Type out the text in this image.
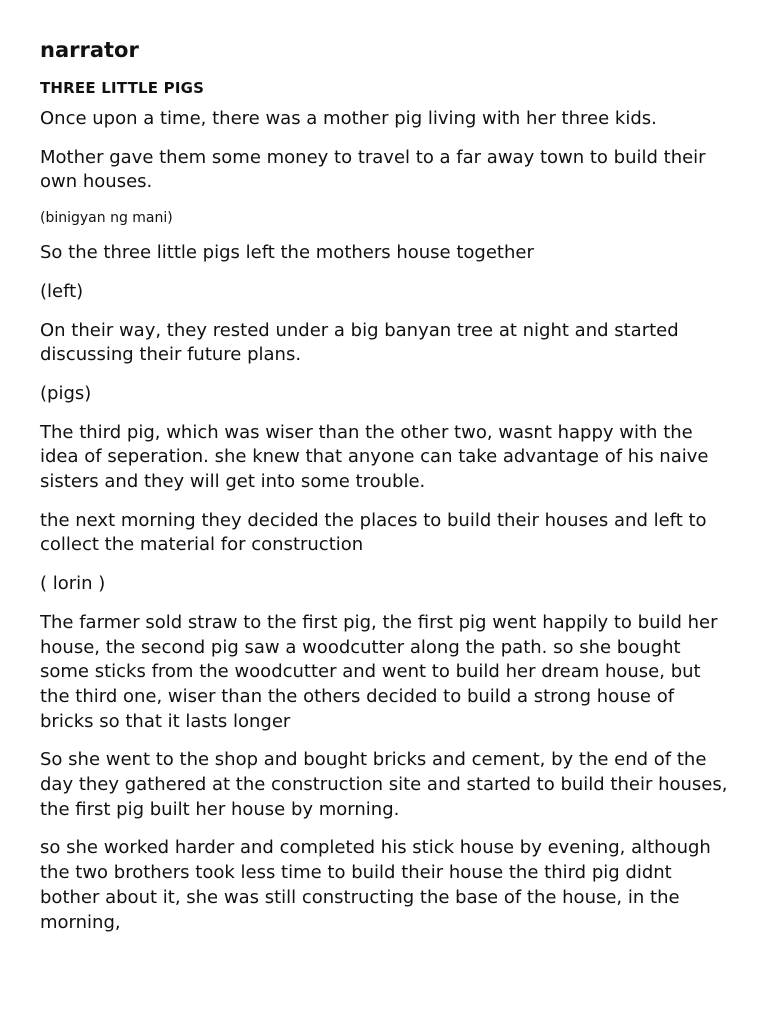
narrator
THREE LITTLE PIGS

Once upon a time, there was a mother pig living with her three kids.

Mother gave them some money to travel to a far away town to build their own houses.

(binigyan ng mani)

So the three little pigs left the mothers house together

(left)

On their way, they rested under a big banyan tree at night and started discussing their future plans.

(pigs)

The third pig, which was wiser than the other two, wasnt happy with the idea of seperation. she knew that anyone can take advantage of his naive sisters and they will get into some trouble.

the next morning they decided the places to build their houses and left to collect the material for construction

( lorin )

The farmer sold straw to the first pig, the first pig went happily to build her house, the second pig saw a woodcutter along the path. so she bought some sticks from the woodcutter and went to build her dream house, but the third one, wiser than the others decided to build a strong house of bricks so that it lasts longer

So she went to the shop and bought bricks and cement, by the end of the day they gathered at the construction site and started to build their houses, the first pig built her house by morning.

so she worked harder and completed his stick house by evening, although the two brothers took less time to build their house the third pig didnt bother about it, she was still constructing the base of the house, in the morning,
